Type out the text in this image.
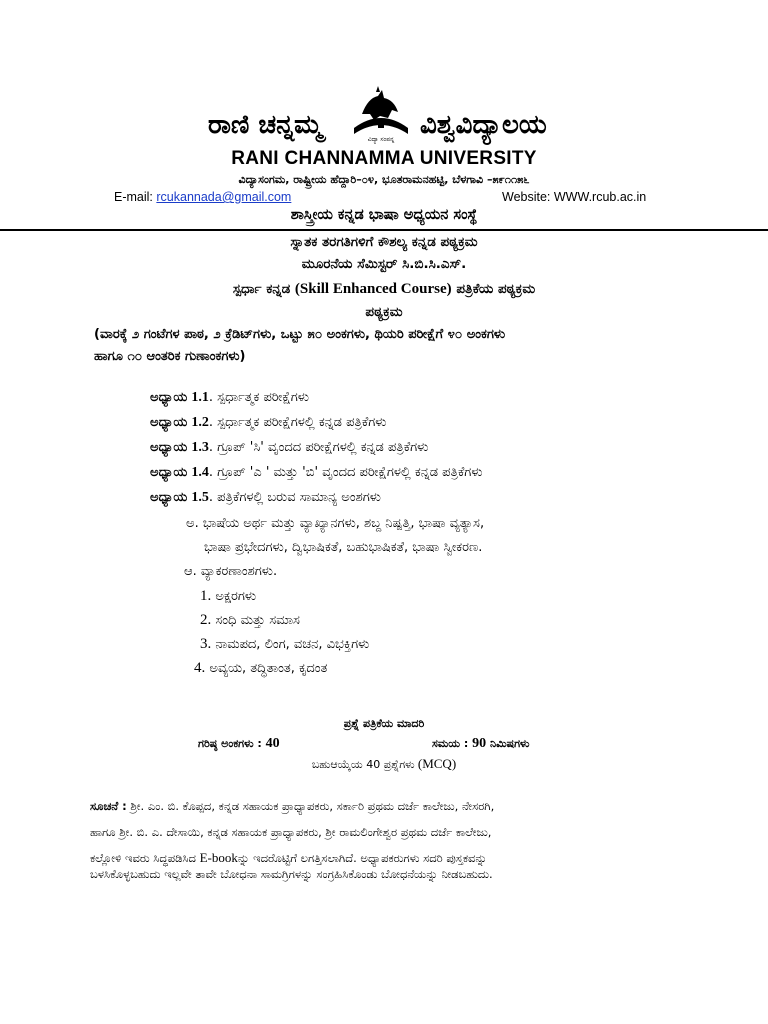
ರಾಣಿ ಚನ್ನಮ್ಮ	ವಿದ್ಯಾ ಸಂಪನ್ನ ವಿಶ್ವವಿದ್ಯಾಲಯ
RANI CHANNAMMA UNIVERSITY
ವಿದ್ಯಾಸಂಗಮ, ರಾಷ್ಟ್ರೀಯ ಹೆದ್ದಾರಿ–೦೪, ಭೂತರಾಮನಹಟ್ಟಿ, ಬೆಳಗಾವಿ –೫೯೧೧೫೬
E-mail: rcukannada@gmail.com	Website: WWW.rcub.ac.in
ಶಾಸ್ತ್ರೀಯ ಕನ್ನಡ ಭಾಷಾ ಅಧ್ಯಯನ ಸಂಸ್ಥೆ
ಸ್ನಾತಕ ತರಗತಿಗಳಿಗೆ ಕೌಶಲ್ಯ ಕನ್ನಡ ಪಠ್ಯಕ್ರಮ
ಮೂರನೆಯ ಸೆಮಿಸ್ಟರ್ ಸಿ.ಬಿ.ಸಿ.ಎಸ್.
ಸ್ಪರ್ಧಾ ಕನ್ನಡ (Skill Enhanced Course) ಪತ್ರಿಕೆಯ ಪಠ್ಯಕ್ರಮ
ಪಠ್ಯಕ್ರಮ
(ವಾರಕ್ಕೆ ೨ ಗಂಟೆಗಳ ಪಾಠ, ೨ ಕ್ರೆಡಿಟ್‌ಗಳು, ಒಟ್ಟು ೫೦ ಅಂಕಗಳು, ಥಿಯರಿ ಪರೀಕ್ಷೆಗೆ ೪೦ ಅಂಕಗಳು
ಹಾಗೂ ೧೦ ಆಂತರಿಕ ಗುಣಾಂಕಗಳು)
ಅಧ್ಯಾಯ 1.1. ಸ್ಪರ್ಧಾತ್ಮಕ ಪರೀಕ್ಷೆಗಳು
ಅಧ್ಯಾಯ 1.2. ಸ್ಪರ್ಧಾತ್ಮಕ ಪರೀಕ್ಷೆಗಳಲ್ಲಿ ಕನ್ನಡ ಪತ್ರಿಕೆಗಳು
ಅಧ್ಯಾಯ 1.3. ಗ್ರೂಪ್ 'ಸಿ' ವೃಂದದ ಪರೀಕ್ಷೆಗಳಲ್ಲಿ ಕನ್ನಡ ಪತ್ರಿಕೆಗಳು
ಅಧ್ಯಾಯ 1.4. ಗ್ರೂಪ್ 'ಎ ' ಮತ್ತು 'ಬಿ' ವೃಂದದ ಪರೀಕ್ಷೆಗಳಲ್ಲಿ ಕನ್ನಡ ಪತ್ರಿಕೆಗಳು
ಅಧ್ಯಾಯ 1.5. ಪತ್ರಿಕೆಗಳಲ್ಲಿ ಬರುವ ಸಾಮಾನ್ಯ ಅಂಶಗಳು
ಅ. ಭಾಷೆಯ ಅರ್ಥ ಮತ್ತು ವ್ಯಾಖ್ಯಾನಗಳು, ಶಬ್ದ ನಿಷ್ಪತ್ತಿ, ಭಾಷಾ ವ್ಯತ್ಯಾಸ,
ಭಾಷಾ ಪ್ರಭೇದಗಳು, ದ್ವಿಭಾಷಿಕತೆ, ಬಹುಭಾಷಿಕತೆ, ಭಾಷಾ ಸ್ವೀಕರಣ.
ಆ. ವ್ಯಾಕರಣಾಂಶಗಳು.
1. ಅಕ್ಷರಗಳು
2. ಸಂಧಿ ಮತ್ತು ಸಮಾಸ
3. ನಾಮಪದ, ಲಿಂಗ, ವಚನ, ವಿಭಕ್ತಿಗಳು
4. ಅವ್ಯಯ, ತದ್ಧಿತಾಂತ, ಕೃದಂತ
ಪ್ರಶ್ನೆ ಪತ್ರಿಕೆಯ ಮಾದರಿ
ಗರಿಷ್ಠ ಅಂಕಗಳು : 40	ಸಮಯ : 90 ನಿಮಿಷಗಳು
ಬಹುಆಯ್ಕೆಯ 40 ಪ್ರಶ್ನೆಗಳು (MCQ)
ಸೂಚನೆ : ಶ್ರೀ. ಎಂ. ಬಿ. ಕೊಪ್ಪದ, ಕನ್ನಡ ಸಹಾಯಕ ಪ್ರಾಧ್ಯಾಪಕರು, ಸರ್ಕಾರಿ ಪ್ರಥಮ ದರ್ಜೆ ಕಾಲೇಜು, ನೇಸರಗಿ,
ಹಾಗೂ ಶ್ರೀ. ಬಿ. ಎ. ದೇಸಾಯಿ, ಕನ್ನಡ ಸಹಾಯಕ ಪ್ರಾಧ್ಯಾಪಕರು, ಶ್ರೀ ರಾಮಲಿಂಗೇಶ್ವರ ಪ್ರಥಮ ದರ್ಜೆ ಕಾಲೇಜು,
ಕಲ್ಲೋಳಿ ಇವರು ಸಿದ್ಧಪಡಿಸಿದ E-bookನ್ನು ಇದರೊಟ್ಟಿಗೆ ಲಗತ್ತಿಸಲಾಗಿದೆ. ಅಧ್ಯಾಪಕರುಗಳು ಸದರಿ ಪುಸ್ತಕವನ್ನು
ಬಳಸಿಕೊಳ್ಳಬಹುದು ಇಲ್ಲವೇ ತಾವೇ ಬೋಧನಾ ಸಾಮಗ್ರಿಗಳನ್ನು ಸಂಗ್ರಹಿಸಿಕೊಂಡು ಬೋಧನೆಯನ್ನು ನೀಡಬಹುದು.
